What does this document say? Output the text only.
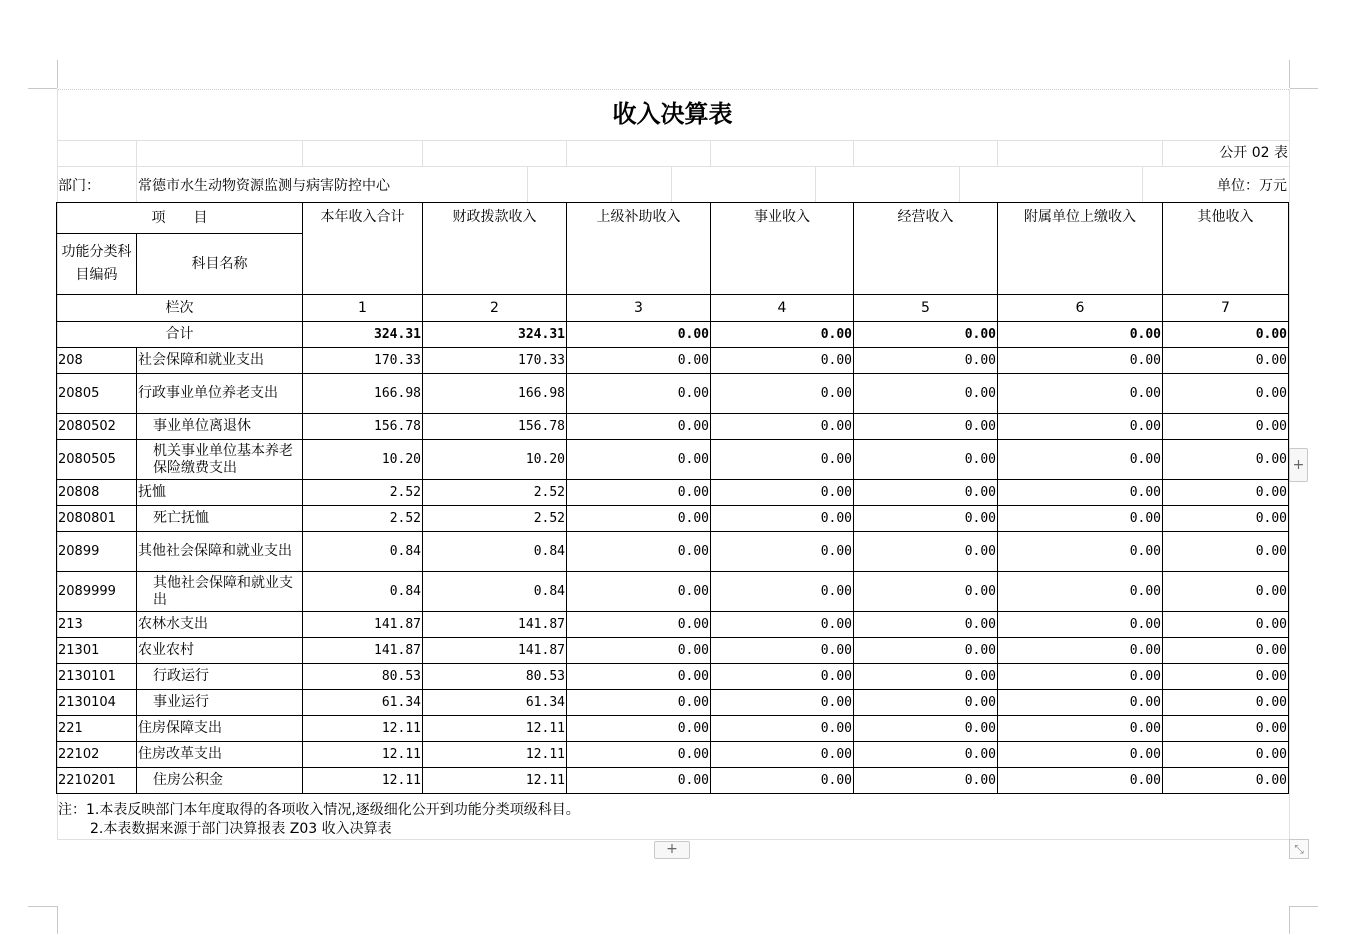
收入决算表
公开 02 表
部门：	常德市水生动物资源监测与病害防控中心	单位：万元
项　　目		本年收入合计	财政拨款收入	上级补助收入	事业收入	经营收入	附属单位上缴收入	其他收入
功能分类科目编码	科目名称							
栏次		1	2	3	4	5	6	7
合计		324.31	324.31	0.00	0.00	0.00	0.00	0.00
208	社会保障和就业支出	170.33	170.33	0.00	0.00	0.00	0.00	0.00
20805	行政事业单位养老支出	166.98	166.98	0.00	0.00	0.00	0.00	0.00
2080502	事业单位离退休	156.78	156.78	0.00	0.00	0.00	0.00	0.00
2080505	机关事业单位基本养老保险缴费支出	10.20	10.20	0.00	0.00	0.00	0.00	0.00
20808	抚恤	2.52	2.52	0.00	0.00	0.00	0.00	0.00
2080801	死亡抚恤	2.52	2.52	0.00	0.00	0.00	0.00	0.00
20899	其他社会保障和就业支出	0.84	0.84	0.00	0.00	0.00	0.00	0.00
2089999	其他社会保障和就业支出	0.84	0.84	0.00	0.00	0.00	0.00	0.00
213	农林水支出	141.87	141.87	0.00	0.00	0.00	0.00	0.00
21301	农业农村	141.87	141.87	0.00	0.00	0.00	0.00	0.00
2130101	行政运行	80.53	80.53	0.00	0.00	0.00	0.00	0.00
2130104	事业运行	61.34	61.34	0.00	0.00	0.00	0.00	0.00
221	住房保障支出	12.11	12.11	0.00	0.00	0.00	0.00	0.00
22102	住房改革支出	12.11	12.11	0.00	0.00	0.00	0.00	0.00
2210201	住房公积金	12.11	12.11	0.00	0.00	0.00	0.00	0.00
注：1.本表反映部门本年度取得的各项收入情况,逐级细化公开到功能分类项级科目。
2.本表数据来源于部门决算报表 Z03 收入决算表
+
+
⤡
